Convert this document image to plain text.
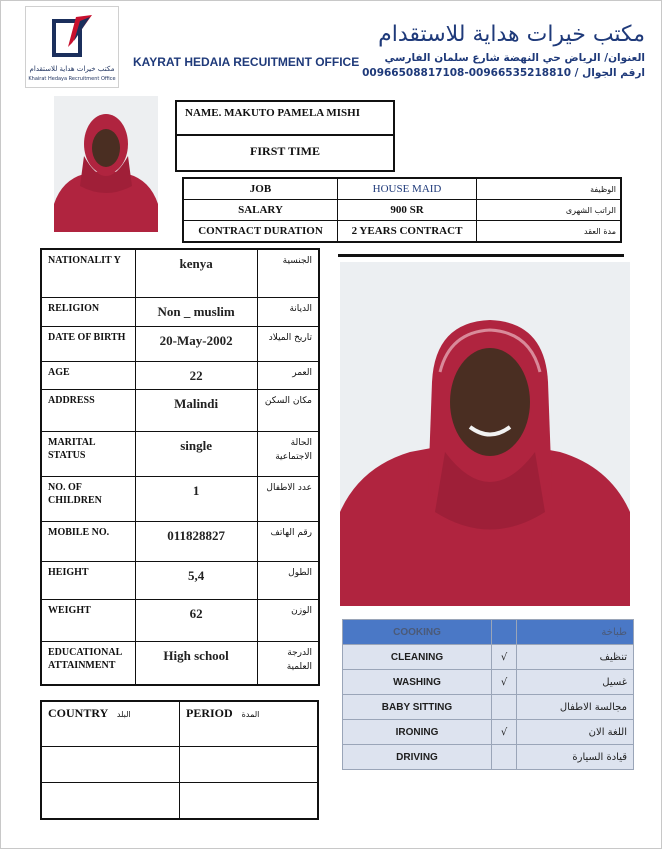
مكتب خيرات هداية للاستقدام
Khairat Hedaya Recruitment Office
مكتب خيرات هداية للاستقدام
العنوان/ الرياض حي النهضة شارع سلمان الفارسي
ارقم الجوال / 00966535218810-00966508817108
KAYRAT HEDAIA RECUITMENT OFFICE
NAME. MAKUTO PAMELA MISHI
FIRST TIME
JOB	HOUSE MAID	الوظيفة
SALARY	900 SR	الراتب الشهرى
CONTRACT DURATION	2 YEARS CONTRACT	مدة العقد
NATIONALIT Y	kenya	الجنسية
RELIGION	Non _ muslim	الديانة
DATE OF BIRTH	20-May-2002	تاريخ الميلاد
AGE	22	العمر
ADDRESS	Malindi	مكان السكن
MARITAL STATUS	single	الحالة الاجتماعية
NO. OF CHILDREN	1	عدد الاطفال
MOBILE NO.	011828827	رقم الهاتف
HEIGHT	5,4	الطول
WEIGHT	62	الوزن
EDUCATIONAL ATTAINMENT	High school	الدرجة العلمية
COOKING		طباخة
CLEANING	√	تنظيف
WASHING	√	غسيل
BABY SITTING		مجالسة الاطفال
IRONING	√	اللغة الان
DRIVING		قيادة السيارة
COUNTRY البلد	PERIOD المدة
